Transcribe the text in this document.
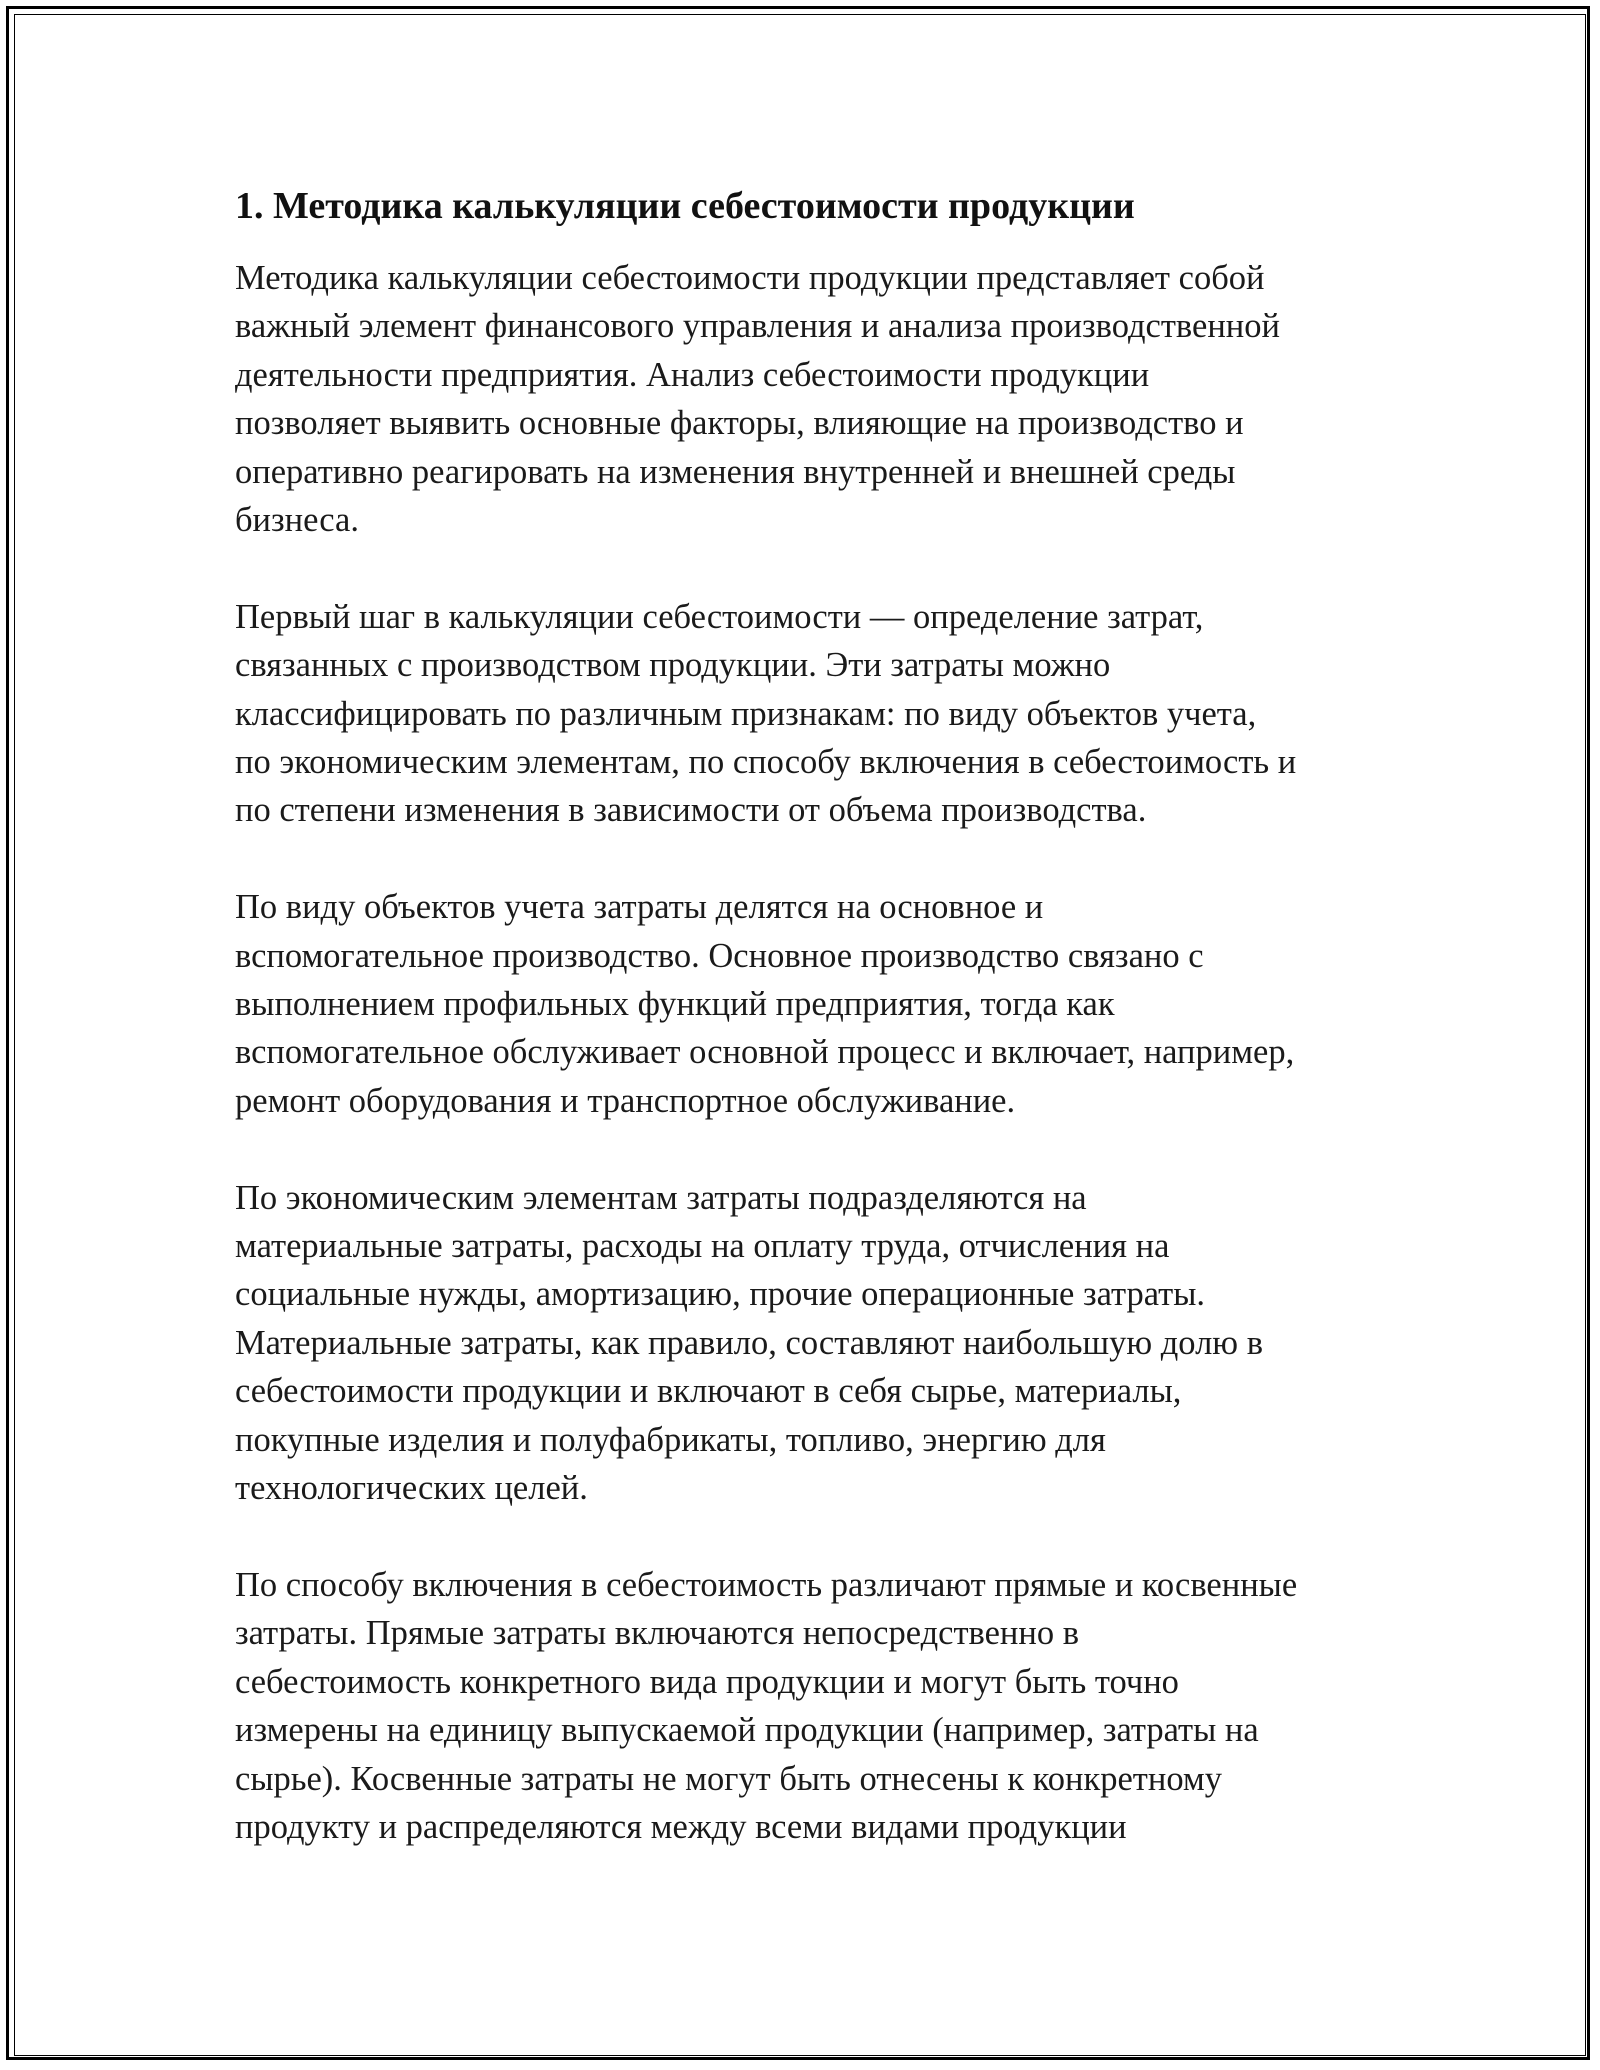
1. Методика калькуляции себестоимости продукции

Методика калькуляции себестоимости продукции представляет собой
важный элемент финансового управления и анализа производственной
деятельности предприятия. Анализ себестоимости продукции
позволяет выявить основные факторы, влияющие на производство и
оперативно реагировать на изменения внутренней и внешней среды
бизнеса.

Первый шаг в калькуляции себестоимости — определение затрат,
связанных с производством продукции. Эти затраты можно
классифицировать по различным признакам: по виду объектов учета,
по экономическим элементам, по способу включения в себестоимость и
по степени изменения в зависимости от объема производства.

По виду объектов учета затраты делятся на основное и
вспомогательное производство. Основное производство связано с
выполнением профильных функций предприятия, тогда как
вспомогательное обслуживает основной процесс и включает, например,
ремонт оборудования и транспортное обслуживание.

По экономическим элементам затраты подразделяются на
материальные затраты, расходы на оплату труда, отчисления на
социальные нужды, амортизацию, прочие операционные затраты.
Материальные затраты, как правило, составляют наибольшую долю в
себестоимости продукции и включают в себя сырье, материалы,
покупные изделия и полуфабрикаты, топливо, энергию для
технологических целей.

По способу включения в себестоимость различают прямые и косвенные
затраты. Прямые затраты включаются непосредственно в
себестоимость конкретного вида продукции и могут быть точно
измерены на единицу выпускаемой продукции (например, затраты на
сырье). Косвенные затраты не могут быть отнесены к конкретному
продукту и распределяются между всеми видами продукции
